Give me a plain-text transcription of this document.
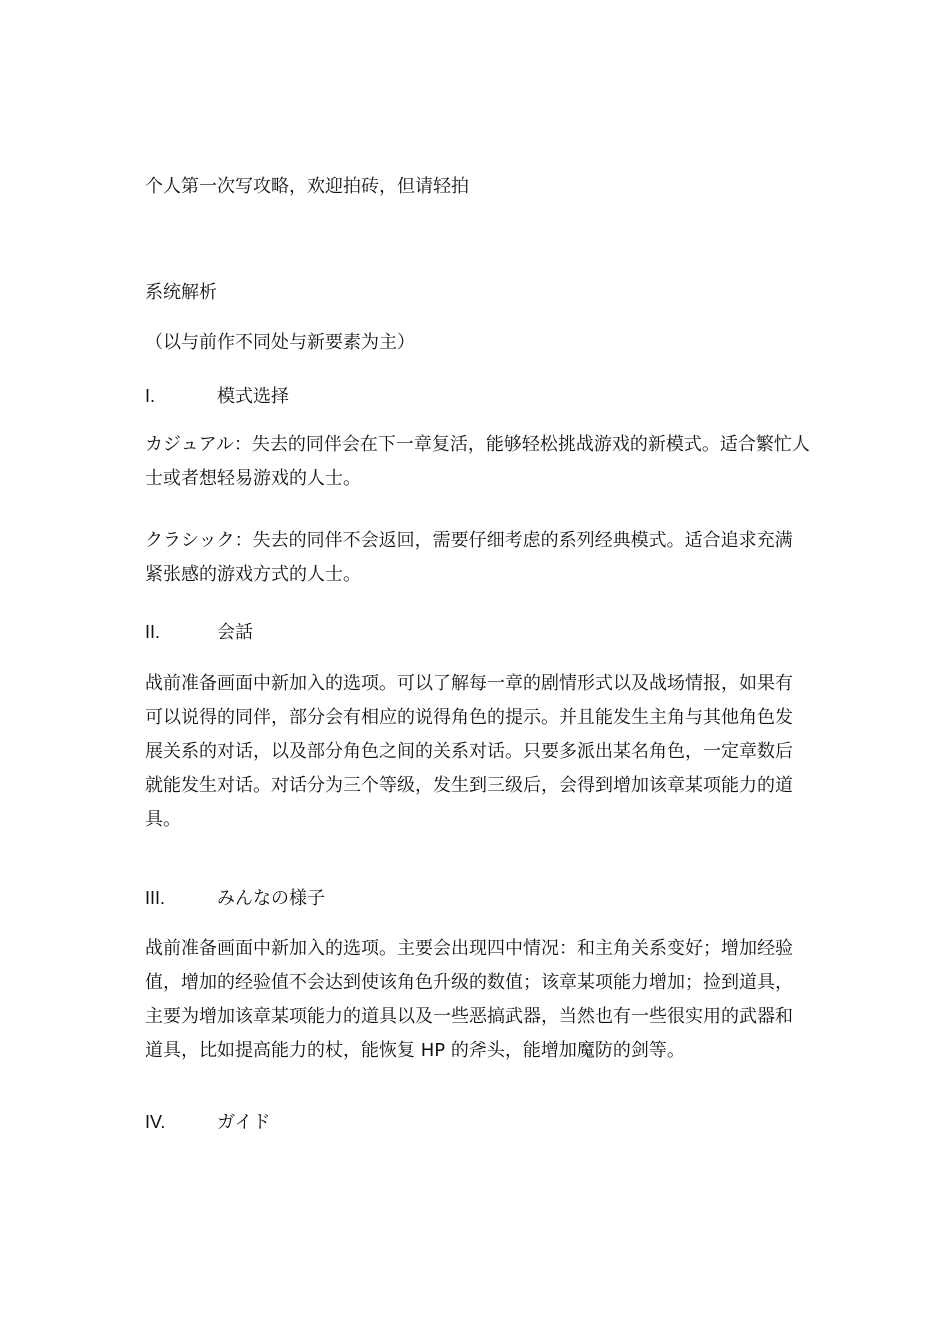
个人第一次写攻略，欢迎拍砖，但请轻拍

系统解析

（以与前作不同处与新要素为主）

I.	模式选择

カジュアル：失去的同伴会在下一章复活，能够轻松挑战游戏的新模式。适合繁忙人士或者想轻易游戏的人士。

クラシック：失去的同伴不会返回，需要仔细考虑的系列经典模式。适合追求充满紧张感的游戏方式的人士。

II.	会話

战前准备画面中新加入的选项。可以了解每一章的剧情形式以及战场情报，如果有可以说得的同伴，部分会有相应的说得角色的提示。并且能发生主角与其他角色发展关系的对话，以及部分角色之间的关系对话。只要多派出某名角色，一定章数后就能发生对话。对话分为三个等级，发生到三级后，会得到增加该章某项能力的道具。

III.	みんなの様子

战前准备画面中新加入的选项。主要会出现四中情况：和主角关系变好；增加经验值，增加的经验值不会达到使该角色升级的数值；该章某项能力增加；捡到道具，主要为增加该章某项能力的道具以及一些恶搞武器，当然也有一些很实用的武器和道具，比如提高能力的杖，能恢复 HP 的斧头，能增加魔防的剑等。

IV.	ガイド
